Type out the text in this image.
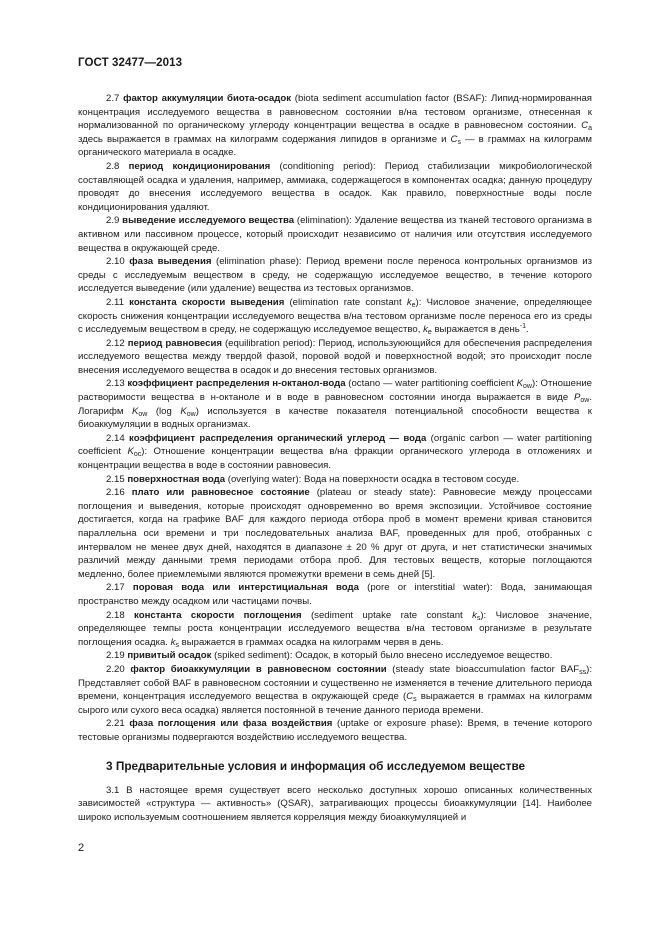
ГОСТ 32477—2013

2.7 фактор аккумуляции биота-осадок (biota sediment accumulation factor (BSAF): Липид-нормированная концентрация исследуемого вещества в равновесном состоянии в/на тестовом организме, отнесенная к нормализованной по органическому углероду концентрации вещества в осадке в равновесном состоянии. $C_a$ здесь выражается в граммах на килограмм содержания липидов в организме и $C_s$ — в граммах на килограмм органического материала в осадке.

2.8 период кондиционирования (conditioning period): Период стабилизации микробиологической составляющей осадка и удаления, например, аммиака, содержащегося в компонентах осадка; данную процедуру проводят до внесения исследуемого вещества в осадок. Как правило, поверхностные воды после кондиционирования удаляют.

2.9 выведение исследуемого вещества (elimination): Удаление вещества из тканей тестового организма в активном или пассивном процессе, который происходит независимо от наличия или отсутствия исследуемого вещества в окружающей среде.

2.10 фаза выведения (elimination phase): Период времени после переноса контрольных организмов из среды с исследуемым веществом в среду, не содержащую исследуемое вещество, в течение которого исследуется выведение (или удаление) вещества из тестовых организмов.

2.11 константа скорости выведения (elimination rate constant $k_e$): Числовое значение, определяющее скорость снижения концентрации исследуемого вещества в/на тестовом организме после переноса его из среды с исследуемым веществом в среду, не содержащую исследуемое вещество, $k_e$ выражается в день$^{-1}$.

2.12 период равновесия (equilibration period): Период, используюющийся для обеспечения распределения исследуемого вещества между твердой фазой, поровой водой и поверхностной водой; это происходит после внесения исследуемого вещества в осадок и до внесения тестовых организмов.

2.13 коэффициент распределения н-октанол-вода (octano — water partitioning coefficient $K_{ow}$): Отношение растворимости вещества в н-октаноле и в воде в равновесном состоянии иногда выражается в виде $P_{ow}$. Логарифм $K_{ow}$ (log $K_{ow}$) используется в качестве показателя потенциальной способности вещества к биоаккумуляции в водных организмах.

2.14 коэффициент распределения органический углерод — вода (organic carbon — water partitioning coefficient $K_{oc}$): Отношение концентрации вещества в/на фракции органического углерода в отложениях и концентрации вещества в воде в состоянии равновесия.

2.15 поверхностная вода (overlying water): Вода на поверхности осадка в тестовом сосуде.

2.16 плато или равновесное состояние (plateau or steady state): Равновесие между процессами поглощения и выведения, которые происходят одновременно во время экспозиции. Устойчивое состояние достигается, когда на графике BAF для каждого периода отбора проб в момент времени кривая становится параллельна оси времени и три последовательных анализа BAF, проведенных для проб, отобранных с интервалом не менее двух дней, находятся в диапазоне ± 20 % друг от друга, и нет статистически значимых различий между данными тремя периодами отбора проб. Для тестовых веществ, которые поглощаются медленно, более приемлемыми являются промежутки времени в семь дней [5].

2.17 поровая вода или интерстициальная вода (pore or interstitial water): Вода, занимающая пространство между осадком или частицами почвы.

2.18 константа скорости поглощения (sediment uptake rate constant $k_s$): Числовое значение, определяющее темпы роста концентрации исследуемого вещества в/на тестовом организме в результате поглощения осадка. $k_s$ выражается в граммах осадка на килограмм червя в день.

2.19 привитый осадок (spiked sediment): Осадок, в который было внесено исследуемое вещество.

2.20 фактор биоаккумуляции в равновесном состоянии (steady state bioaccumulation factor $BAF_{ss}$): Представляет собой BAF в равновесном состоянии и существенно не изменяется в течение длительного периода времени, концентрация исследуемого вещества в окружающей среде ($C_s$ выражается в граммах на килограмм сырого или сухого веса осадка) является постоянной в течение данного периода времени.

2.21 фаза поглощения или фаза воздействия (uptake or exposure phase): Время, в течение которого тестовые организмы подвергаются воздействию исследуемого вещества.

3 Предварительные условия и информация об исследуемом веществе

3.1 В настоящее время существует всего несколько доступных хорошо описанных количественных зависимостей «структура — активность» (QSAR), затрагивающих процессы биоаккумуляции [14]. Наиболее широко используемым соотношением является корреляция между биоаккумуляцией и

2
